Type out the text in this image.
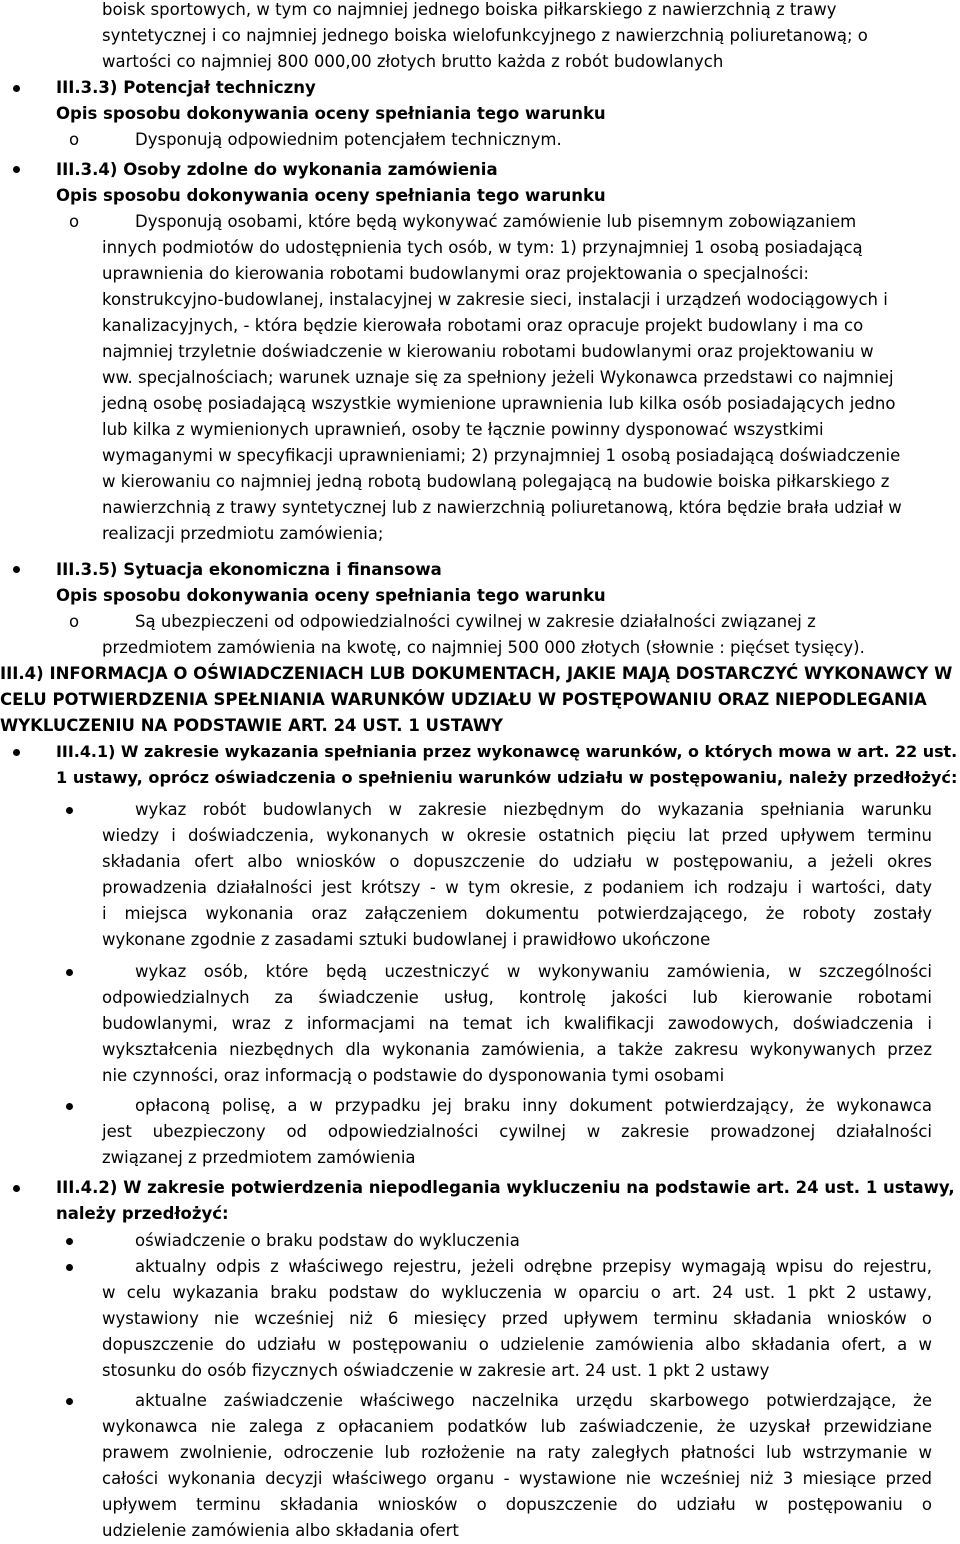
boisk sportowych, w tym co najmniej jednego boiska piłkarskiego z nawierzchnią z trawy
syntetycznej i co najmniej jednego boiska wielofunkcyjnego z nawierzchnią poliuretanową; o
wartości co najmniej 800 000,00 złotych brutto każda z robót budowlanych
III.3.3) Potencjał techniczny
Opis sposobu dokonywania oceny spełniania tego warunku
o	Dysponują odpowiednim potencjałem technicznym.
III.3.4) Osoby zdolne do wykonania zamówienia
Opis sposobu dokonywania oceny spełniania tego warunku
o	Dysponują osobami, które będą wykonywać zamówienie lub pisemnym zobowiązaniem
innych podmiotów do udostępnienia tych osób, w tym: 1) przynajmniej 1 osobą posiadającą
uprawnienia do kierowania robotami budowlanymi oraz projektowania o specjalności:
konstrukcyjno-budowlanej, instalacyjnej w zakresie sieci, instalacji i urządzeń wodociągowych i
kanalizacyjnych, - która będzie kierowała robotami oraz opracuje projekt budowlany i ma co
najmniej trzyletnie doświadczenie w kierowaniu robotami budowlanymi oraz projektowaniu w
ww. specjalnościach; warunek uznaje się za spełniony jeżeli Wykonawca przedstawi co najmniej
jedną osobę posiadającą wszystkie wymienione uprawnienia lub kilka osób posiadających jedno
lub kilka z wymienionych uprawnień, osoby te łącznie powinny dysponować wszystkimi
wymaganymi w specyfikacji uprawnieniami; 2) przynajmniej 1 osobą posiadającą doświadczenie
w kierowaniu co najmniej jedną robotą budowlaną polegającą na budowie boiska piłkarskiego z
nawierzchnią z trawy syntetycznej lub z nawierzchnią poliuretanową, która będzie brała udział w
realizacji przedmiotu zamówienia;
III.3.5) Sytuacja ekonomiczna i finansowa
Opis sposobu dokonywania oceny spełniania tego warunku
o	Są ubezpieczeni od odpowiedzialności cywilnej w zakresie działalności związanej z
przedmiotem zamówienia na kwotę, co najmniej 500 000 złotych (słownie : pięćset tysięcy).
III.4) INFORMACJA O OŚWIADCZENIACH LUB DOKUMENTACH, JAKIE MAJĄ DOSTARCZYĆ WYKONAWCY W
CELU POTWIERDZENIA SPEŁNIANIA WARUNKÓW UDZIAŁU W POSTĘPOWANIU ORAZ NIEPODLEGANIA
WYKLUCZENIU NA PODSTAWIE ART. 24 UST. 1 USTAWY
III.4.1) W zakresie wykazania spełniania przez wykonawcę warunków, o których mowa w art. 22 ust.
1 ustawy, oprócz oświadczenia o spełnieniu warunków udziału w postępowaniu, należy przedłożyć:
wykaz robót budowlanych w zakresie niezbędnym do wykazania spełniania warunku
wiedzy i doświadczenia, wykonanych w okresie ostatnich pięciu lat przed upływem terminu
składania ofert albo wniosków o dopuszczenie do udziału w postępowaniu, a jeżeli okres
prowadzenia działalności jest krótszy - w tym okresie, z podaniem ich rodzaju i wartości, daty
i miejsca wykonania oraz załączeniem dokumentu potwierdzającego, że roboty zostały
wykonane zgodnie z zasadami sztuki budowlanej i prawidłowo ukończone
wykaz osób, które będą uczestniczyć w wykonywaniu zamówienia, w szczególności
odpowiedzialnych za świadczenie usług, kontrolę jakości lub kierowanie robotami
budowlanymi, wraz z informacjami na temat ich kwalifikacji zawodowych, doświadczenia i
wykształcenia niezbędnych dla wykonania zamówienia, a także zakresu wykonywanych przez
nie czynności, oraz informacją o podstawie do dysponowania tymi osobami
opłaconą polisę, a w przypadku jej braku inny dokument potwierdzający, że wykonawca
jest ubezpieczony od odpowiedzialności cywilnej w zakresie prowadzonej działalności
związanej z przedmiotem zamówienia
III.4.2) W zakresie potwierdzenia niepodlegania wykluczeniu na podstawie art. 24 ust. 1 ustawy,
należy przedłożyć:
oświadczenie o braku podstaw do wykluczenia
aktualny odpis z właściwego rejestru, jeżeli odrębne przepisy wymagają wpisu do rejestru,
w celu wykazania braku podstaw do wykluczenia w oparciu o art. 24 ust. 1 pkt 2 ustawy,
wystawiony nie wcześniej niż 6 miesięcy przed upływem terminu składania wniosków o
dopuszczenie do udziału w postępowaniu o udzielenie zamówienia albo składania ofert, a w
stosunku do osób fizycznych oświadczenie w zakresie art. 24 ust. 1 pkt 2 ustawy
aktualne zaświadczenie właściwego naczelnika urzędu skarbowego potwierdzające, że
wykonawca nie zalega z opłacaniem podatków lub zaświadczenie, że uzyskał przewidziane
prawem zwolnienie, odroczenie lub rozłożenie na raty zaległych płatności lub wstrzymanie w
całości wykonania decyzji właściwego organu - wystawione nie wcześniej niż 3 miesiące przed
upływem terminu składania wniosków o dopuszczenie do udziału w postępowaniu o
udzielenie zamówienia albo składania ofert
